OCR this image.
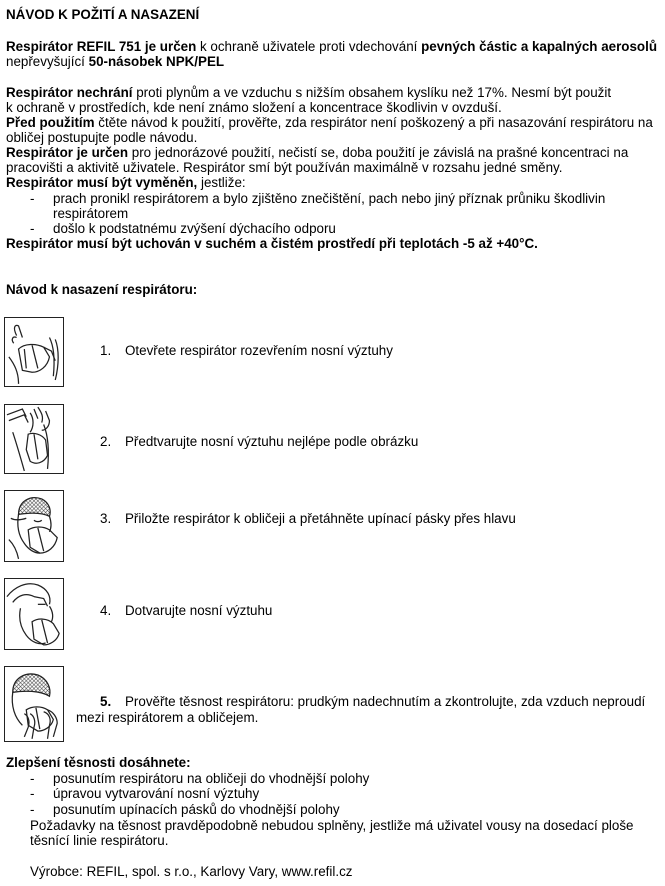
NÁVOD K POŽITÍ A NASAZENÍ
Respirátor REFIL 751 je určen k ochraně uživatele proti vdechování pevných částic a kapalných aerosolů
nepřevyšující 50-násobek NPK/PEL
Respirátor nechrání proti plynům a ve vzduchu s nižším obsahem kyslíku než 17%. Nesmí být použit
k ochraně v prostředích, kde není známo složení a koncentrace škodlivin v ovzduší.
Před použitím čtěte návod k použití, prověřte, zda respirátor není poškozený a při nasazování respirátoru na
obličej postupujte podle návodu.
Respirátor je určen pro jednorázové použití, nečistí se, doba použití je závislá na prašné koncentraci na
pracovišti a aktivitě uživatele. Respirátor smí být používán maximálně v rozsahu jedné směny.
Respirátor musí být vyměněn, jestliže:
- prach pronikl respirátorem a bylo zjištěno znečištění, pach nebo jiný příznak průniku škodlivin
respirátorem
- došlo k podstatnému zvýšení dýchacího odporu
Respirátor musí být uchován v suchém a čistém prostředí při teplotách -5 až +40°C.
Návod k nasazení respirátoru:
1. Otevřete respirátor rozevřením nosní výztuhy
2. Předtvarujte nosní výztuhu nejlépe podle obrázku
3. Přiložte respirátor k obličeji a přetáhněte upínací pásky přes hlavu
4. Dotvarujte nosní výztuhu
5. Prověřte těsnost respirátoru: prudkým nadechnutím a zkontrolujte, zda vzduch neproudí
mezi respirátorem a obličejem.
Zlepšení těsnosti dosáhnete:
- posunutím respirátoru na obličeji do vhodnější polohy
- úpravou vytvarování nosní výztuhy
- posunutím upínacích pásků do vhodnější polohy
Požadavky na těsnost pravděpodobně nebudou splněny, jestliže má uživatel vousy na dosedací ploše
těsnící linie respirátoru.
Výrobce: REFIL, spol. s r.o., Karlovy Vary, www.refil.cz
